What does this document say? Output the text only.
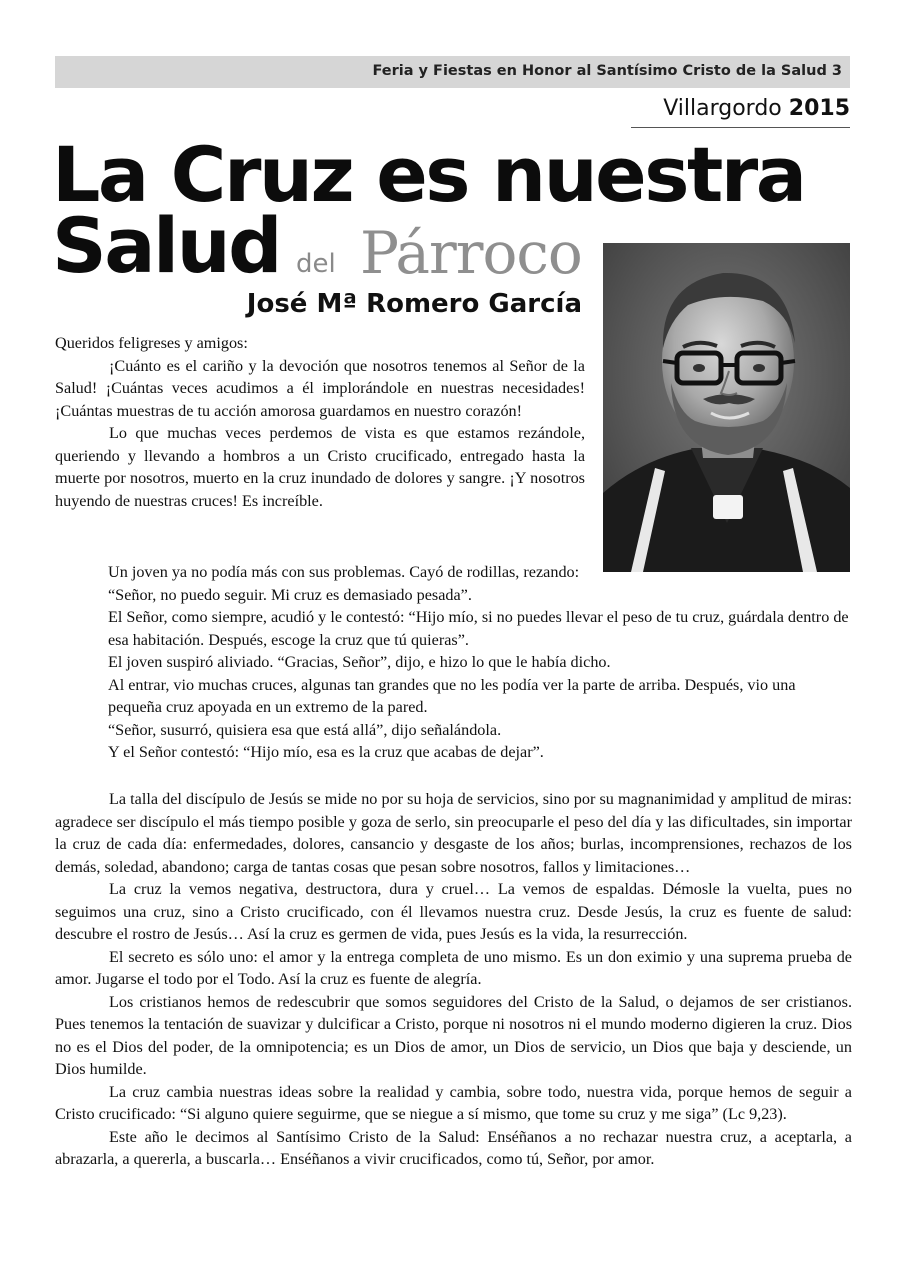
Feria y Fiestas en Honor al Santísimo Cristo de la Salud 3
Villargordo 2015
La Cruz es nuestra
Salud del Párroco
José Mª Romero García

Queridos feligreses y amigos:

¡Cuánto es el cariño y la devoción que nosotros tenemos al Señor de la Salud! ¡Cuántas veces acudimos a él implorándole en nuestras necesidades! ¡Cuántas muestras de tu acción amorosa guardamos en nuestro corazón!

Lo que muchas veces perdemos de vista es que estamos rezándole, queriendo y llevando a hombros a un Cristo crucificado, entregado hasta la muerte por nosotros, muerto en la cruz inundado de dolores y sangre. ¡Y nosotros huyendo de nuestras cruces! Es increíble.

Un joven ya no podía más con sus problemas. Cayó de rodillas, rezando: “Señor, no puedo seguir. Mi cruz es demasiado pesada”.

El Señor, como siempre, acudió y le contestó: “Hijo mío, si no puedes llevar el peso de tu cruz, guárdala dentro de esa habitación. Después, escoge la cruz que tú quieras”.

El joven suspiró aliviado. “Gracias, Señor”, dijo, e hizo lo que le había dicho.

Al entrar, vio muchas cruces, algunas tan grandes que no les podía ver la parte de arriba. Después, vio una pequeña cruz apoyada en un extremo de la pared.

“Señor, susurró, quisiera esa que está allá”, dijo señalándola.

Y el Señor contestó: “Hijo mío, esa es la cruz que acabas de dejar”.

La talla del discípulo de Jesús se mide no por su hoja de servicios, sino por su magnanimidad y amplitud de miras: agradece ser discípulo el más tiempo posible y goza de serlo, sin preocuparle el peso del día y las dificultades, sin importar la cruz de cada día: enfermedades, dolores, cansancio y desgaste de los años; burlas, incomprensiones, rechazos de los demás, soledad, abandono; carga de tantas cosas que pesan sobre nosotros, fallos y limitaciones…

La cruz la vemos negativa, destructora, dura y cruel… La vemos de espaldas. Démosle la vuelta, pues no seguimos una cruz, sino a Cristo crucificado, con él llevamos nuestra cruz. Desde Jesús, la cruz es fuente de salud: descubre el rostro de Jesús… Así la cruz es germen de vida, pues Jesús es la vida, la resurrección.

El secreto es sólo uno: el amor y la entrega completa de uno mismo. Es un don eximio y una suprema prueba de amor. Jugarse el todo por el Todo. Así la cruz es fuente de alegría.

Los cristianos hemos de redescubrir que somos seguidores del Cristo de la Salud, o dejamos de ser cristianos. Pues tenemos la tentación de suavizar y dulcificar a Cristo, porque ni nosotros ni el mundo moderno digieren la cruz. Dios no es el Dios del poder, de la omnipotencia; es un Dios de amor, un Dios de servicio, un Dios que baja y desciende, un Dios humilde.

La cruz cambia nuestras ideas sobre la realidad y cambia, sobre todo, nuestra vida, porque hemos de seguir a Cristo crucificado: “Si alguno quiere seguirme, que se niegue a sí mismo, que tome su cruz y me siga” (Lc 9,23).

Este año le decimos al Santísimo Cristo de la Salud: Enséñanos a no rechazar nuestra cruz, a aceptarla, a abrazarla, a quererla, a buscarla… Enséñanos a vivir crucificados, como tú, Señor, por amor.
